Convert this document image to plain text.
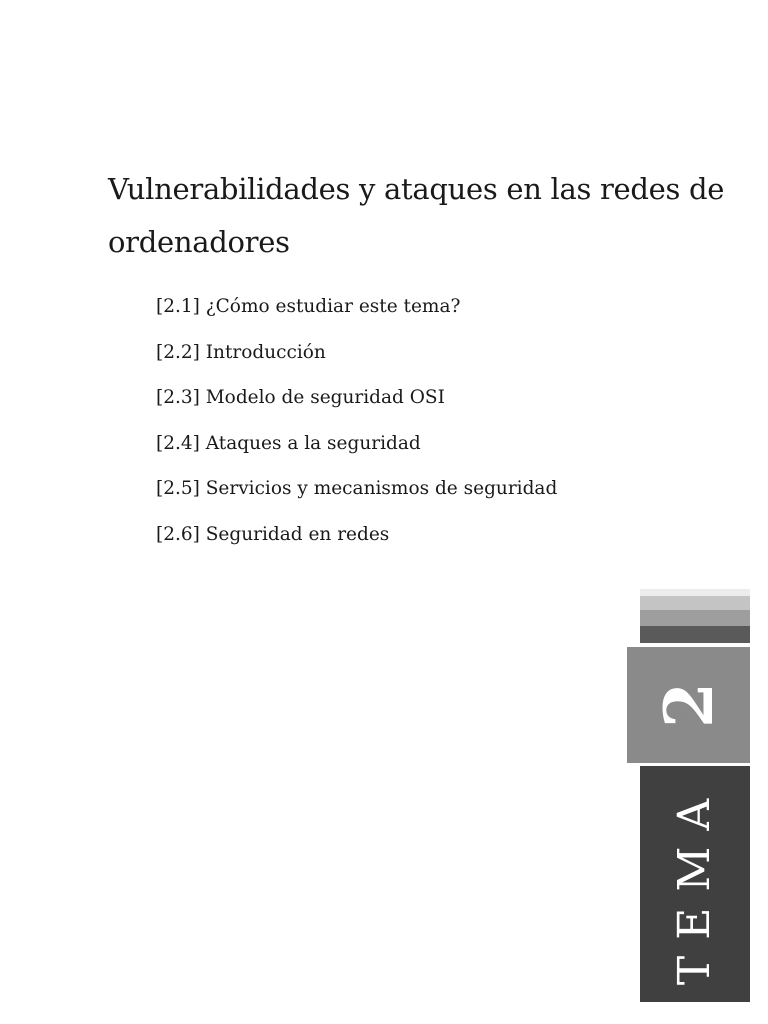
Vulnerabilidades y ataques en las redes de ordenadores
[2.1] ¿Cómo estudiar este tema?
[2.2] Introducción
[2.3] Modelo de seguridad OSI
[2.4] Ataques a la seguridad
[2.5] Servicios y mecanismos de seguridad
[2.6] Seguridad en redes
2
TEMA
